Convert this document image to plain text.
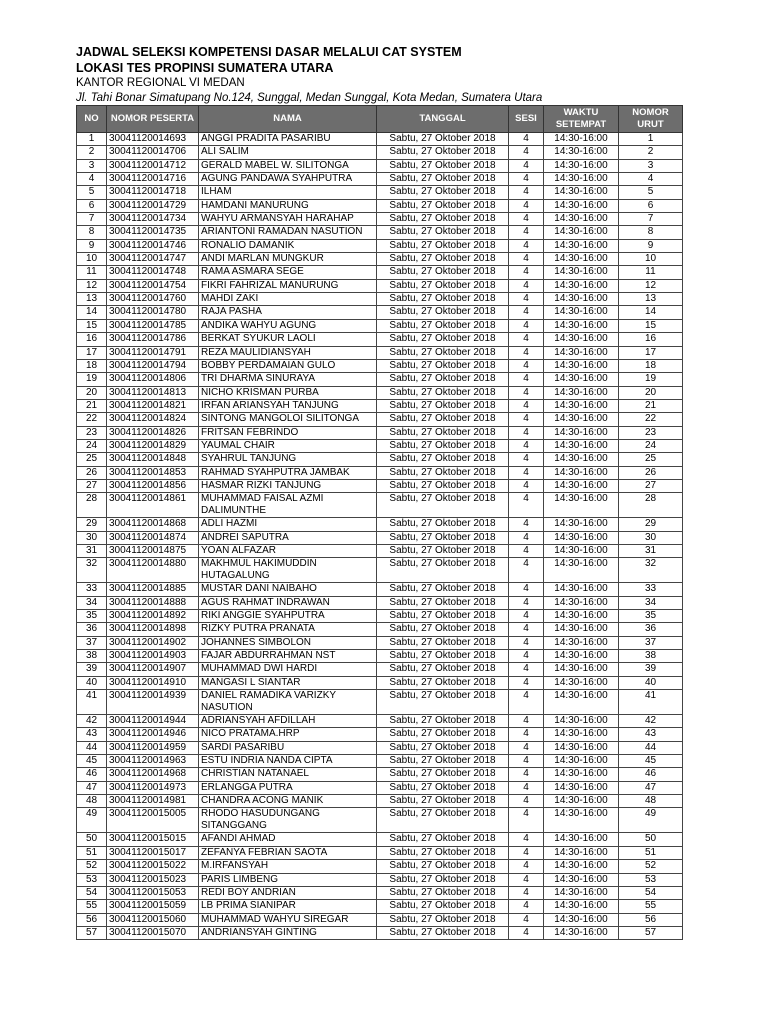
JADWAL SELEKSI KOMPETENSI DASAR MELALUI CAT SYSTEM
LOKASI TES PROPINSI SUMATERA UTARA
KANTOR REGIONAL VI MEDAN
Jl. Tahi Bonar Simatupang No.124, Sunggal, Medan Sunggal, Kota Medan, Sumatera Utara
NO	NOMOR PESERTA	NAMA	TANGGAL	SESI	WAKTU SETEMPAT	NOMOR URUT
1	30041120014693	ANGGI PRADITA PASARIBU	Sabtu, 27 Oktober 2018	4	14:30-16:00	1
2	30041120014706	ALI SALIM	Sabtu, 27 Oktober 2018	4	14:30-16:00	2
3	30041120014712	GERALD MABEL W. SILITONGA	Sabtu, 27 Oktober 2018	4	14:30-16:00	3
4	30041120014716	AGUNG PANDAWA SYAHPUTRA	Sabtu, 27 Oktober 2018	4	14:30-16:00	4
5	30041120014718	ILHAM	Sabtu, 27 Oktober 2018	4	14:30-16:00	5
6	30041120014729	HAMDANI MANURUNG	Sabtu, 27 Oktober 2018	4	14:30-16:00	6
7	30041120014734	WAHYU ARMANSYAH HARAHAP	Sabtu, 27 Oktober 2018	4	14:30-16:00	7
8	30041120014735	ARIANTONI RAMADAN NASUTION	Sabtu, 27 Oktober 2018	4	14:30-16:00	8
9	30041120014746	RONALIO DAMANIK	Sabtu, 27 Oktober 2018	4	14:30-16:00	9
10	30041120014747	ANDI MARLAN MUNGKUR	Sabtu, 27 Oktober 2018	4	14:30-16:00	10
11	30041120014748	RAMA ASMARA SEGE	Sabtu, 27 Oktober 2018	4	14:30-16:00	11
12	30041120014754	FIKRI FAHRIZAL MANURUNG	Sabtu, 27 Oktober 2018	4	14:30-16:00	12
13	30041120014760	MAHDI ZAKI	Sabtu, 27 Oktober 2018	4	14:30-16:00	13
14	30041120014780	RAJA PASHA	Sabtu, 27 Oktober 2018	4	14:30-16:00	14
15	30041120014785	ANDIKA WAHYU AGUNG	Sabtu, 27 Oktober 2018	4	14:30-16:00	15
16	30041120014786	BERKAT SYUKUR LAOLI	Sabtu, 27 Oktober 2018	4	14:30-16:00	16
17	30041120014791	REZA MAULIDIANSYAH	Sabtu, 27 Oktober 2018	4	14:30-16:00	17
18	30041120014794	BOBBY PERDAMAIAN GULO	Sabtu, 27 Oktober 2018	4	14:30-16:00	18
19	30041120014806	TRI DHARMA SINURAYA	Sabtu, 27 Oktober 2018	4	14:30-16:00	19
20	30041120014813	NICHO KRISMAN PURBA	Sabtu, 27 Oktober 2018	4	14:30-16:00	20
21	30041120014821	IRFAN ARIANSYAH TANJUNG	Sabtu, 27 Oktober 2018	4	14:30-16:00	21
22	30041120014824	SINTONG MANGOLOI SILITONGA	Sabtu, 27 Oktober 2018	4	14:30-16:00	22
23	30041120014826	FRITSAN FEBRINDO	Sabtu, 27 Oktober 2018	4	14:30-16:00	23
24	30041120014829	YAUMAL CHAIR	Sabtu, 27 Oktober 2018	4	14:30-16:00	24
25	30041120014848	SYAHRUL TANJUNG	Sabtu, 27 Oktober 2018	4	14:30-16:00	25
26	30041120014853	RAHMAD SYAHPUTRA JAMBAK	Sabtu, 27 Oktober 2018	4	14:30-16:00	26
27	30041120014856	HASMAR RIZKI TANJUNG	Sabtu, 27 Oktober 2018	4	14:30-16:00	27
28	30041120014861	MUHAMMAD FAISAL AZMI DALIMUNTHE	Sabtu, 27 Oktober 2018	4	14:30-16:00	28
29	30041120014868	ADLI HAZMI	Sabtu, 27 Oktober 2018	4	14:30-16:00	29
30	30041120014874	ANDREI SAPUTRA	Sabtu, 27 Oktober 2018	4	14:30-16:00	30
31	30041120014875	YOAN ALFAZAR	Sabtu, 27 Oktober 2018	4	14:30-16:00	31
32	30041120014880	MAKHMUL HAKIMUDDIN HUTAGALUNG	Sabtu, 27 Oktober 2018	4	14:30-16:00	32
33	30041120014885	MUSTAR DANI NAIBAHO	Sabtu, 27 Oktober 2018	4	14:30-16:00	33
34	30041120014888	AGUS RAHMAT INDRAWAN	Sabtu, 27 Oktober 2018	4	14:30-16:00	34
35	30041120014892	RIKI ANGGIE SYAHPUTRA	Sabtu, 27 Oktober 2018	4	14:30-16:00	35
36	30041120014898	RIZKY PUTRA PRANATA	Sabtu, 27 Oktober 2018	4	14:30-16:00	36
37	30041120014902	JOHANNES SIMBOLON	Sabtu, 27 Oktober 2018	4	14:30-16:00	37
38	30041120014903	FAJAR ABDURRAHMAN NST	Sabtu, 27 Oktober 2018	4	14:30-16:00	38
39	30041120014907	MUHAMMAD DWI HARDI	Sabtu, 27 Oktober 2018	4	14:30-16:00	39
40	30041120014910	MANGASI L SIANTAR	Sabtu, 27 Oktober 2018	4	14:30-16:00	40
41	30041120014939	DANIEL RAMADIKA VARIZKY NASUTION	Sabtu, 27 Oktober 2018	4	14:30-16:00	41
42	30041120014944	ADRIANSYAH AFDILLAH	Sabtu, 27 Oktober 2018	4	14:30-16:00	42
43	30041120014946	NICO PRATAMA.HRP	Sabtu, 27 Oktober 2018	4	14:30-16:00	43
44	30041120014959	SARDI PASARIBU	Sabtu, 27 Oktober 2018	4	14:30-16:00	44
45	30041120014963	ESTU INDRIA NANDA CIPTA	Sabtu, 27 Oktober 2018	4	14:30-16:00	45
46	30041120014968	CHRISTIAN NATANAEL	Sabtu, 27 Oktober 2018	4	14:30-16:00	46
47	30041120014973	ERLANGGA PUTRA	Sabtu, 27 Oktober 2018	4	14:30-16:00	47
48	30041120014981	CHANDRA ACONG MANIK	Sabtu, 27 Oktober 2018	4	14:30-16:00	48
49	30041120015005	RHODO HASUDUNGANG SITANGGANG	Sabtu, 27 Oktober 2018	4	14:30-16:00	49
50	30041120015015	AFANDI AHMAD	Sabtu, 27 Oktober 2018	4	14:30-16:00	50
51	30041120015017	ZEFANYA FEBRIAN SAOTA	Sabtu, 27 Oktober 2018	4	14:30-16:00	51
52	30041120015022	M.IRFANSYAH	Sabtu, 27 Oktober 2018	4	14:30-16:00	52
53	30041120015023	PARIS LIMBENG	Sabtu, 27 Oktober 2018	4	14:30-16:00	53
54	30041120015053	REDI BOY ANDRIAN	Sabtu, 27 Oktober 2018	4	14:30-16:00	54
55	30041120015059	LB PRIMA SIANIPAR	Sabtu, 27 Oktober 2018	4	14:30-16:00	55
56	30041120015060	MUHAMMAD WAHYU SIREGAR	Sabtu, 27 Oktober 2018	4	14:30-16:00	56
57	30041120015070	ANDRIANSYAH GINTING	Sabtu, 27 Oktober 2018	4	14:30-16:00	57
